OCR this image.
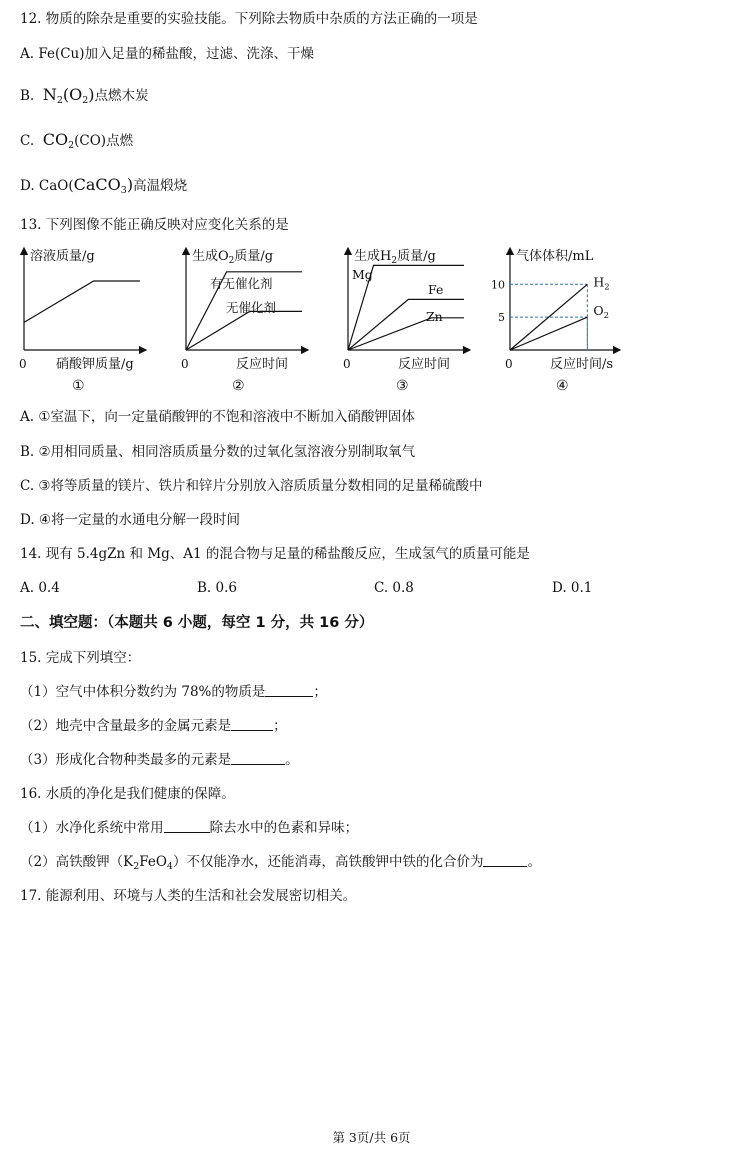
12. 物质的除杂是重要的实验技能。下列除去物质中杂质的方法正确的一项是
A. Fe(Cu)加入足量的稀盐酸，过滤、洗涤、干燥
B. $N_2(O_2)$点燃木炭
C. $CO_2(CO)$点燃
D. CaO(CaCO$_3$)高温煅烧
13. 下列图像不能正确反映对应变化关系的是
溶液质量/g
0 硝酸钾质量/g
①
生成$O_2$质量/g
0	反应时间
②
有无催化剂
无催化剂
生成$H_2$质量/g
0	反应时间
③
Mg
Fe
Zn
气体体积/mL
0	反应时间/s
④
5
10	$H_2$
$O_2$
A. ①室温下，向一定量硝酸钾的不饱和溶液中不断加入硝酸钾固体
B. ②用相同质量、相同溶质质量分数的过氧化氢溶液分别制取氧气
C. ③将等质量的镁片、铁片和锌片分别放入溶质质量分数相同的足量稀硫酸中
D. ④将一定量的水通电分解一段时间
14. 现有 5.4gZn 和 Mg、A1 的混合物与足量的稀盐酸反应，生成氢气的质量可能是
A. 0.4	B. 0.6	C. 0.8	D. 0.1
二、填空题：（本题共 6 小题，每空 1 分，共 16 分）
15. 完成下列填空：
（1）空气中体积分数约为 78%的物质是	；
（2）地壳中含量最多的金属元素是	；
（3）形成化合物种类最多的元素是	。
16. 水质的净化是我们健康的保障。
（1）水净化系统中常用	除去水中的色素和异味；
（2）高铁酸钾$(K_2FeO_4)$不仅能净水，还能消毒，高铁酸钾中铁的化合价为	。
17. 能源利用、环境与人类的生活和社会发展密切相关。
第 3页/共 6页
